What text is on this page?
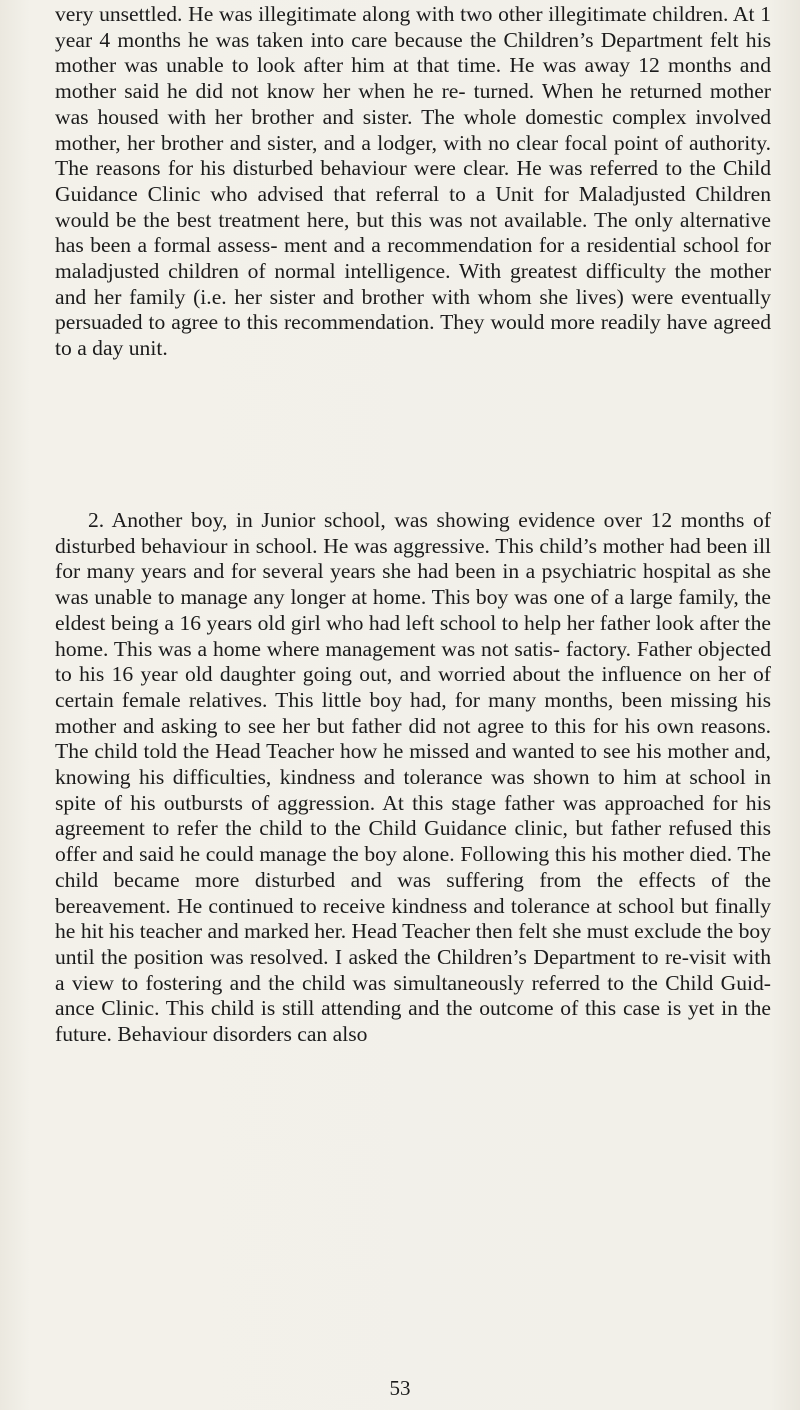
very unsettled. He was illegitimate along with two other illegitimate children. At 1 year 4 months he was taken into care because the Children’s Department felt his mother was unable to look after him at that time. He was away 12 months and mother said he did not know her when he re- turned. When he returned mother was housed with her brother and sister. The whole domestic complex involved mother, her brother and sister, and a lodger, with no clear focal point of authority. The reasons for his disturbed behaviour were clear. He was referred to the Child Guidance Clinic who advised that referral to a Unit for Maladjusted Children would be the best treatment here, but this was not available. The only alternative has been a formal assess- ment and a recommendation for a residential school for maladjusted children of normal intelligence. With greatest difficulty the mother and her family (i.e. her sister and brother with whom she lives) were eventually persuaded to agree to this recommendation. They would more readily have agreed to a day unit.

2. Another boy, in Junior school, was showing evidence over 12 months of disturbed behaviour in school. He was aggressive. This child’s mother had been ill for many years and for several years she had been in a psychiatric hospital as she was unable to manage any longer at home. This boy was one of a large family, the eldest being a 16 years old girl who had left school to help her father look after the home. This was a home where management was not satis- factory. Father objected to his 16 year old daughter going out, and worried about the influence on her of certain female relatives. This little boy had, for many months, been missing his mother and asking to see her but father did not agree to this for his own reasons. The child told the Head Teacher how he missed and wanted to see his mother and, knowing his difficulties, kindness and tolerance was shown to him at school in spite of his outbursts of aggression. At this stage father was approached for his agreement to refer the child to the Child Guidance clinic, but father refused this offer and said he could manage the boy alone. Following this his mother died. The child became more disturbed and was suffering from the effects of the bereavement. He continued to receive kindness and tolerance at school but finally he hit his teacher and marked her. Head Teacher then felt she must exclude the boy until the position was resolved. I asked the Children’s Department to re-visit with a view to fostering and the child was simultaneously referred to the Child Guid- ance Clinic. This child is still attending and the outcome of this case is yet in the future. Behaviour disorders can also

53
